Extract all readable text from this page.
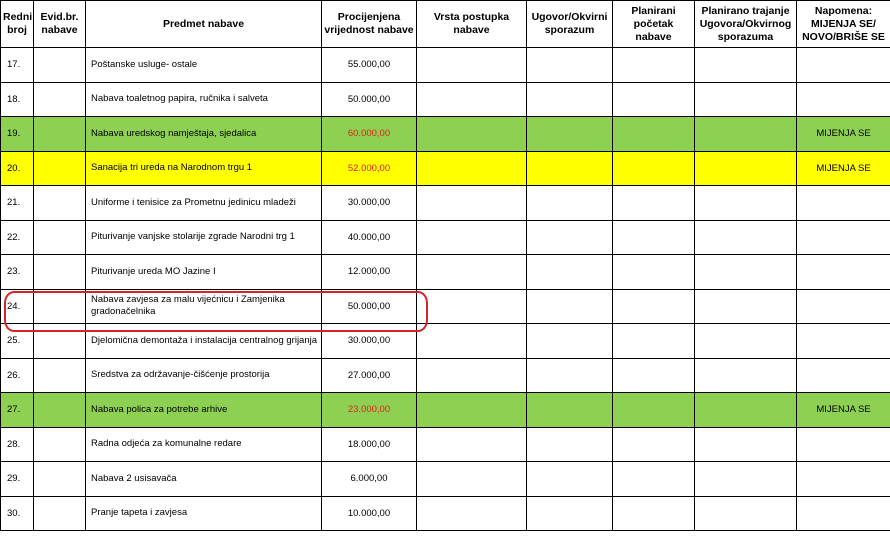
Redni broj	Evid.br. nabave	Predmet nabave	Procijenjena vrijednost nabave	Vrsta postupka nabave	Ugovor/Okvirni sporazum	Planirani početak nabave	Planirano trajanje Ugovora/Okvirnog sporazuma	Napomena: MIJENJA SE/ NOVO/BRIŠE SE
17.		Poštanske usluge- ostale	55.000,00					
18.		Nabava toaletnog papira, ručnika i salveta	50.000,00					
19.		Nabava uredskog namještaja, sjedalica	60.000,00					MIJENJA SE
20.		Sanacija tri ureda na Narodnom trgu 1	52.000,00					MIJENJA SE
21.		Uniforme i tenisice za Prometnu jedinicu mladeži	30.000,00					
22.		Piturivanje vanjske stolarije zgrade Narodni trg 1	40.000,00					
23.		Piturivanje ureda MO Jazine I	12.000,00					
24.		Nabava zavjesa za malu vijećnicu i Zamjenika gradonačelnika	50.000,00					
25.		Djelomična demontaža i instalacija centralnog grijanja	30.000,00					
26.		Sredstva za održavanje-čišćenje prostorija	27.000,00					
27.		Nabava polica za potrebe arhive	23.000,00					MIJENJA SE
28.		Radna odjeća za komunalne redare	18.000,00					
29.		Nabava 2 usisavača	6.000,00					
30.		Pranje tapeta i zavjesa	10.000,00					
